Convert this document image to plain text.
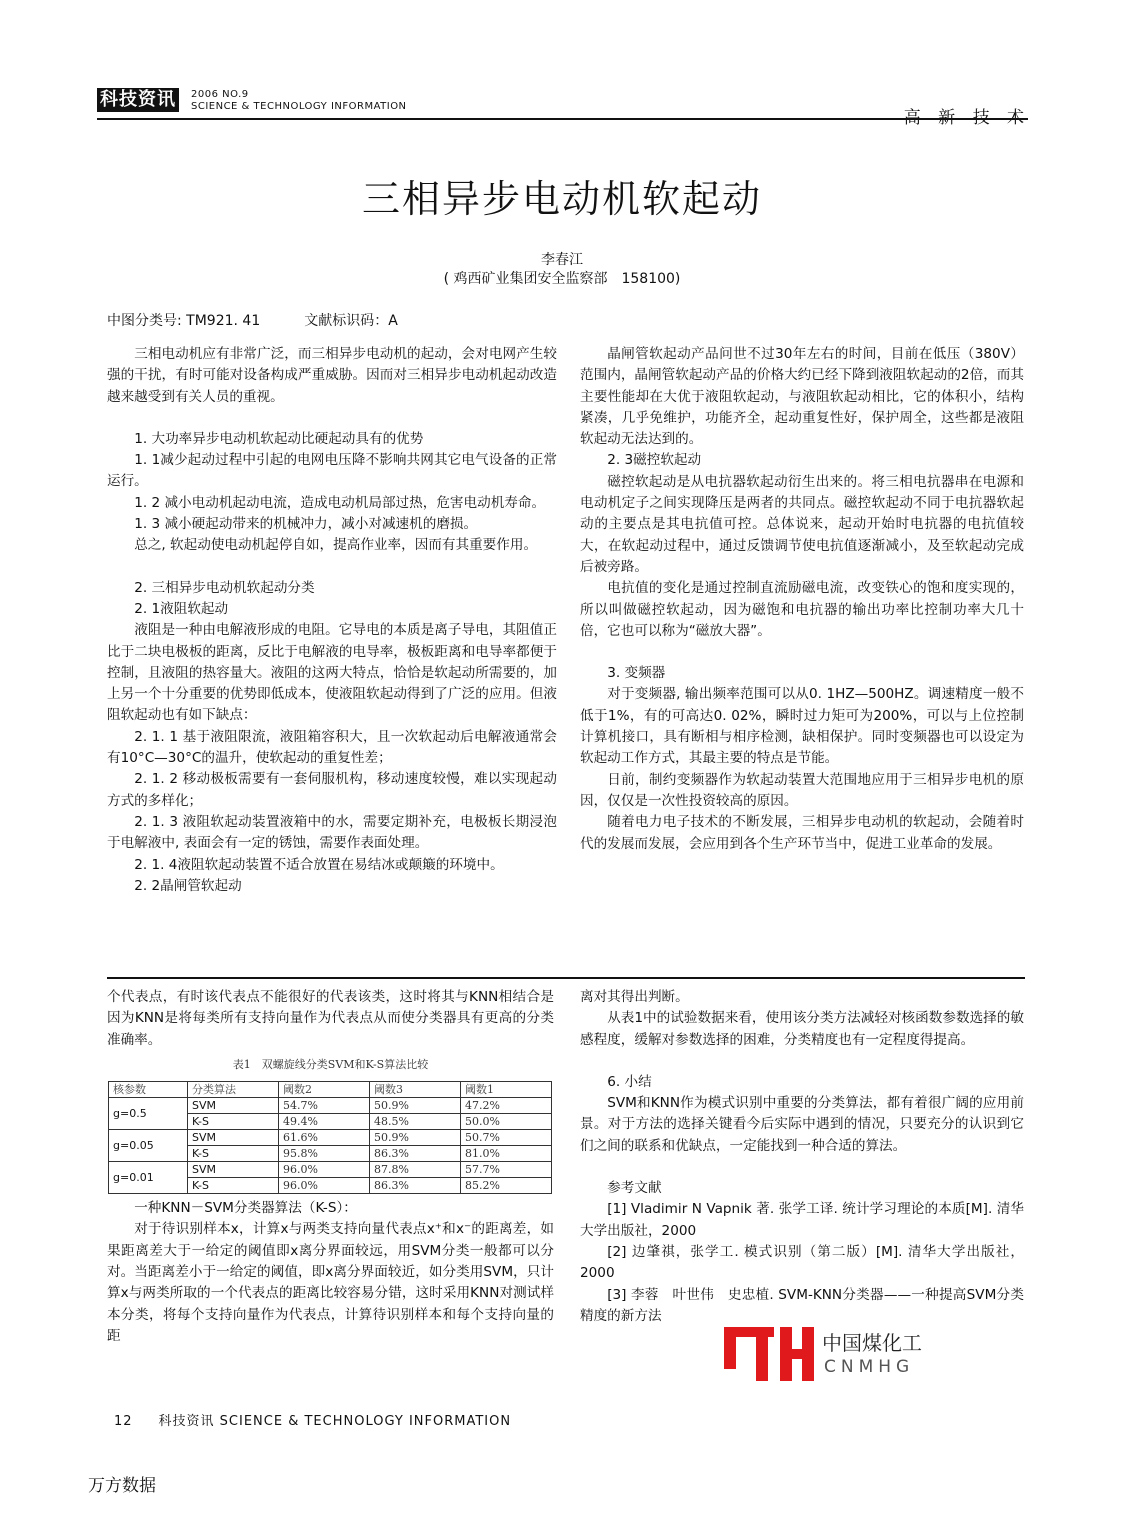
科技资讯	2006 NO.9
SCIENCE & TECHNOLOGY INFORMATION
高 新 技 术
三相异步电动机软起动
李春江
( 鸡西矿业集团安全监察部　158100)
中图分类号: TM921. 41	文献标识码：A

三相电动机应有非常广泛，而三相异步电动机的起动，会对电网产生较强的干扰，有时可能对设备构成严重威胁。因而对三相异步电动机起动改造越来越受到有关人员的重视。

1. 大功率异步电动机软起动比硬起动具有的优势

1. 1减少起动过程中引起的电网电压降不影响共网其它电气设备的正常运行。

1. 2 减小电动机起动电流，造成电动机局部过热，危害电动机寿命。

1. 3 减小硬起动带来的机械冲力，减小对减速机的磨损。

总之, 软起动使电动机起停自如，提高作业率，因而有其重要作用。

2. 三相异步电动机软起动分类

2. 1液阻软起动

液阻是一种由电解液形成的电阻。它导电的本质是离子导电，其阻值正比于二块电极板的距离，反比于电解液的电导率，极板距离和电导率都便于控制，且液阻的热容量大。液阻的这两大特点，恰恰是软起动所需要的，加上另一个十分重要的优势即低成本，使液阻软起动得到了广泛的应用。但液阻软起动也有如下缺点：

2. 1. 1 基于液阻限流，液阻箱容积大，且一次软起动后电解液通常会有10°C—30°C的温升，使软起动的重复性差；

2. 1. 2 移动极板需要有一套伺服机构，移动速度较慢，难以实现起动方式的多样化；

2. 1. 3 液阻软起动装置液箱中的水，需要定期补充，电极板长期浸泡于电解液中, 表面会有一定的锈蚀，需要作表面处理。

2. 1. 4液阻软起动装置不适合放置在易结冰或颠簸的环境中。

2. 2晶闸管软起动

晶闸管软起动产品问世不过30年左右的时间，目前在低压（380V）范围内，晶闸管软起动产品的价格大约已经下降到液阻软起动的2倍，而其主要性能却在大优于液阻软起动，与液阻软起动相比，它的体积小，结构紧凑，几乎免维护，功能齐全，起动重复性好，保护周全，这些都是液阻软起动无法达到的。

2. 3磁控软起动

磁控软起动是从电抗器软起动衍生出来的。将三相电抗器串在电源和电动机定子之间实现降压是两者的共同点。磁控软起动不同于电抗器软起动的主要点是其电抗值可控。总体说来，起动开始时电抗器的电抗值较大，在软起动过程中，通过反馈调节使电抗值逐渐减小，及至软起动完成后被旁路。

电抗值的变化是通过控制直流励磁电流，改变铁心的饱和度实现的，所以叫做磁控软起动，因为磁饱和电抗器的输出功率比控制功率大几十倍，它也可以称为“磁放大器”。

3. 变频器

对于变频器, 输出频率范围可以从0. 1HZ—500HZ。调速精度一般不低于1%，有的可高达0. 02%，瞬时过力矩可为200%，可以与上位控制计算机接口，具有断相与相序检测，缺相保护。同时变频器也可以设定为软起动工作方式，其最主要的特点是节能。

日前，制约变频器作为软起动装置大范围地应用于三相异步电机的原因，仅仅是一次性投资较高的原因。

随着电力电子技术的不断发展，三相异步电动机的软起动，会随着时代的发展而发展，会应用到各个生产环节当中，促进工业革命的发展。

个代表点，有时该代表点不能很好的代表该类，这时将其与KNN相结合是因为KNN是将每类所有支持向量作为代表点从而使分类器具有更高的分类准确率。

表1　双螺旋线分类SVM和K-S算法比较
核参数	分类算法	阈数2	阈数3	阈数1
g=0.5	SVM	54.7%	50.9%	47.2%
	K-S	49.4%	48.5%	50.0%
g=0.05	SVM	61.6%	50.9%	50.7%
	K-S	95.8%	86.3%	81.0%
g=0.01	SVM	96.0%	87.8%	57.7%
	K-S	96.0%	86.3%	85.2%

一种KNN－SVM分类器算法（K-S）：

对于待识别样本x，计算x与两类支持向量代表点x⁺和x⁻的距离差，如果距离差大于一给定的阈值即x离分界面较远，用SVM分类一般都可以分对。当距离差小于一给定的阈值，即x离分界面较近，如分类用SVM，只计算x与两类所取的一个代表点的距离比较容易分错，这时采用KNN对测试样本分类，将每个支持向量作为代表点，计算待识别样本和每个支持向量的距

离对其得出判断。

从表1中的试验数据来看，使用该分类方法减轻对核函数参数选择的敏感程度，缓解对参数选择的困难，分类精度也有一定程度得提高。

6. 小结

SVM和KNN作为模式识别中重要的分类算法，都有着很广阔的应用前景。对于方法的选择关键看今后实际中遇到的情况，只要充分的认识到它们之间的联系和优缺点，一定能找到一种合适的算法。

参考文献

[1] Vladimir N Vapnik 著. 张学工译. 统计学习理论的本质[M]. 清华大学出版社，2000

[2] 边肇祺，张学工. 模式识别（第二版）[M]. 清华大学出版社，2000

[3] 李蓉　叶世伟　史忠植. SVM-KNN分类器——一种提高SVM分类精度的新方法

中国煤化工
CNMHG
12 科技资讯 SCIENCE & TECHNOLOGY INFORMATION
万方数据
